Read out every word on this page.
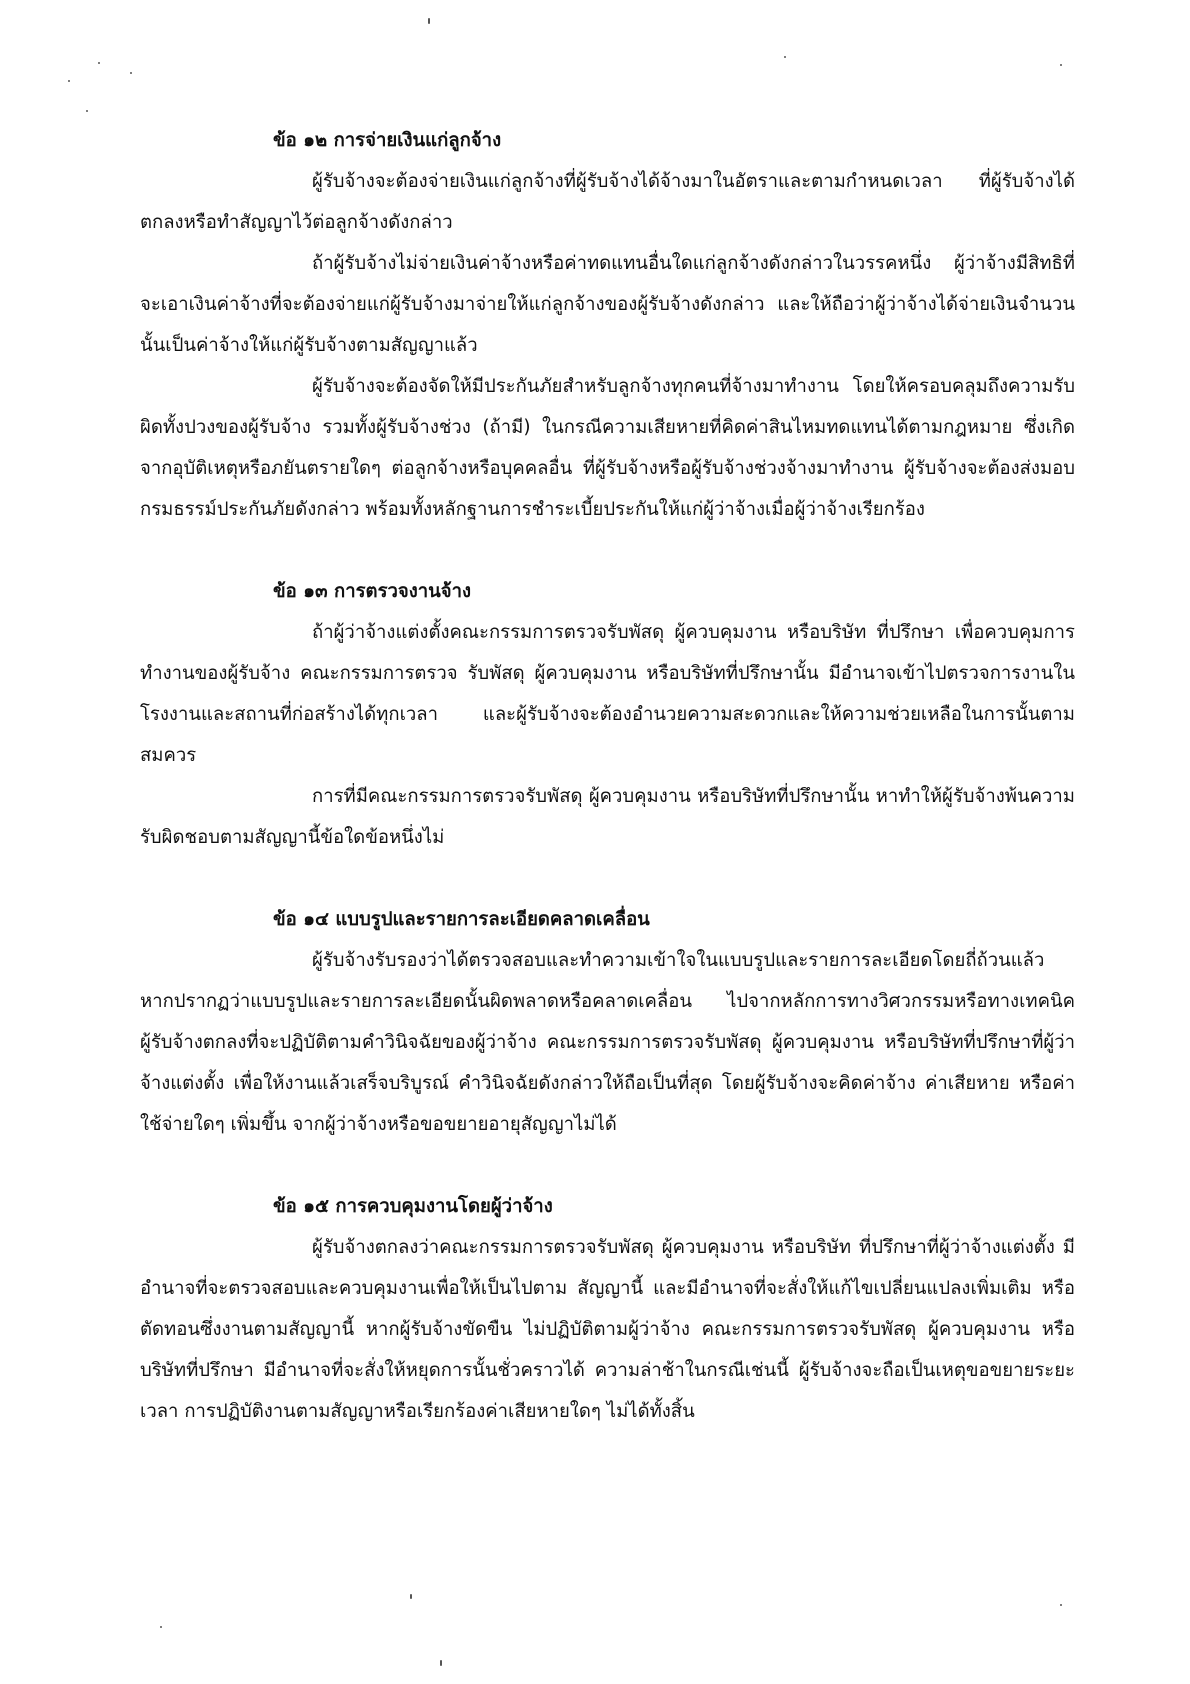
ข้อ ๑๒ การจ่ายเงินแก่ลูกจ้าง

ผู้รับจ้างจะต้องจ่ายเงินแก่ลูกจ้างที่ผู้รับจ้างได้จ้างมาในอัตราและตามกำหนดเวลา ที่ผู้รับจ้างได้ตกลงหรือทำสัญญาไว้ต่อลูกจ้างดังกล่าว

ถ้าผู้รับจ้างไม่จ่ายเงินค่าจ้างหรือค่าทดแทนอื่นใดแก่ลูกจ้างดังกล่าวในวรรคหนึ่ง ผู้ว่าจ้างมีสิทธิที่จะเอาเงินค่าจ้างที่จะต้องจ่ายแก่ผู้รับจ้างมาจ่ายให้แก่ลูกจ้างของผู้รับจ้างดังกล่าว และให้ถือว่าผู้ว่าจ้างได้จ่ายเงินจำนวนนั้นเป็นค่าจ้างให้แก่ผู้รับจ้างตามสัญญาแล้ว

ผู้รับจ้างจะต้องจัดให้มีประกันภัยสำหรับลูกจ้างทุกคนที่จ้างมาทำงาน โดยให้ครอบคลุมถึงความรับผิดทั้งปวงของผู้รับจ้าง รวมทั้งผู้รับจ้างช่วง (ถ้ามี) ในกรณีความเสียหายที่คิดค่าสินไหมทดแทนได้ตามกฎหมาย ซึ่งเกิดจากอุบัติเหตุหรือภยันตรายใดๆ ต่อลูกจ้างหรือบุคคลอื่น ที่ผู้รับจ้างหรือผู้รับจ้างช่วงจ้างมาทำงาน ผู้รับจ้างจะต้องส่งมอบกรมธรรม์ประกันภัยดังกล่าว พร้อมทั้งหลักฐานการชำระเบี้ยประกันให้แก่ผู้ว่าจ้างเมื่อผู้ว่าจ้างเรียกร้อง

ข้อ ๑๓ การตรวจงานจ้าง

ถ้าผู้ว่าจ้างแต่งตั้งคณะกรรมการตรวจรับพัสดุ ผู้ควบคุมงาน หรือบริษัท ที่ปรึกษา เพื่อควบคุมการทำงานของผู้รับจ้าง คณะกรรมการตรวจ รับพัสดุ ผู้ควบคุมงาน หรือบริษัทที่ปรึกษานั้น มีอำนาจเข้าไปตรวจการงานในโรงงานและสถานที่ก่อสร้างได้ทุกเวลา และผู้รับจ้างจะต้องอำนวยความสะดวกและให้ความช่วยเหลือในการนั้นตามสมควร

การที่มีคณะกรรมการตรวจรับพัสดุ ผู้ควบคุมงาน หรือบริษัทที่ปรึกษานั้น หาทำให้ผู้รับจ้างพ้นความรับผิดชอบตามสัญญานี้ข้อใดข้อหนึ่งไม่

ข้อ ๑๔ แบบรูปและรายการละเอียดคลาดเคลื่อน

ผู้รับจ้างรับรองว่าได้ตรวจสอบและทำความเข้าใจในแบบรูปและรายการละเอียดโดยถี่ถ้วนแล้ว หากปรากฏว่าแบบรูปและรายการละเอียดนั้นผิดพลาดหรือคลาดเคลื่อน ไปจากหลักการทางวิศวกรรมหรือทางเทคนิค ผู้รับจ้างตกลงที่จะปฏิบัติตามคำวินิจฉัยของผู้ว่าจ้าง คณะกรรมการตรวจรับพัสดุ ผู้ควบคุมงาน หรือบริษัทที่ปรึกษาที่ผู้ว่าจ้างแต่งตั้ง เพื่อให้งานแล้วเสร็จบริบูรณ์ คำวินิจฉัยดังกล่าวให้ถือเป็นที่สุด โดยผู้รับจ้างจะคิดค่าจ้าง ค่าเสียหาย หรือค่าใช้จ่ายใดๆ เพิ่มขึ้น จากผู้ว่าจ้างหรือขอขยายอายุสัญญาไม่ได้

ข้อ ๑๕ การควบคุมงานโดยผู้ว่าจ้าง

ผู้รับจ้างตกลงว่าคณะกรรมการตรวจรับพัสดุ ผู้ควบคุมงาน หรือบริษัท ที่ปรึกษาที่ผู้ว่าจ้างแต่งตั้ง มีอำนาจที่จะตรวจสอบและควบคุมงานเพื่อให้เป็นไปตาม สัญญานี้ และมีอำนาจที่จะสั่งให้แก้ไขเปลี่ยนแปลงเพิ่มเติม หรือตัดทอนซึ่งงานตามสัญญานี้ หากผู้รับจ้างขัดขืน ไม่ปฏิบัติตามผู้ว่าจ้าง คณะกรรมการตรวจรับพัสดุ ผู้ควบคุมงาน หรือบริษัทที่ปรึกษา มีอำนาจที่จะสั่งให้หยุดการนั้นชั่วคราวได้ ความล่าช้าในกรณีเช่นนี้ ผู้รับจ้างจะถือเป็นเหตุขอขยายระยะเวลา การปฏิบัติงานตามสัญญาหรือเรียกร้องค่าเสียหายใดๆ ไม่ได้ทั้งสิ้น
